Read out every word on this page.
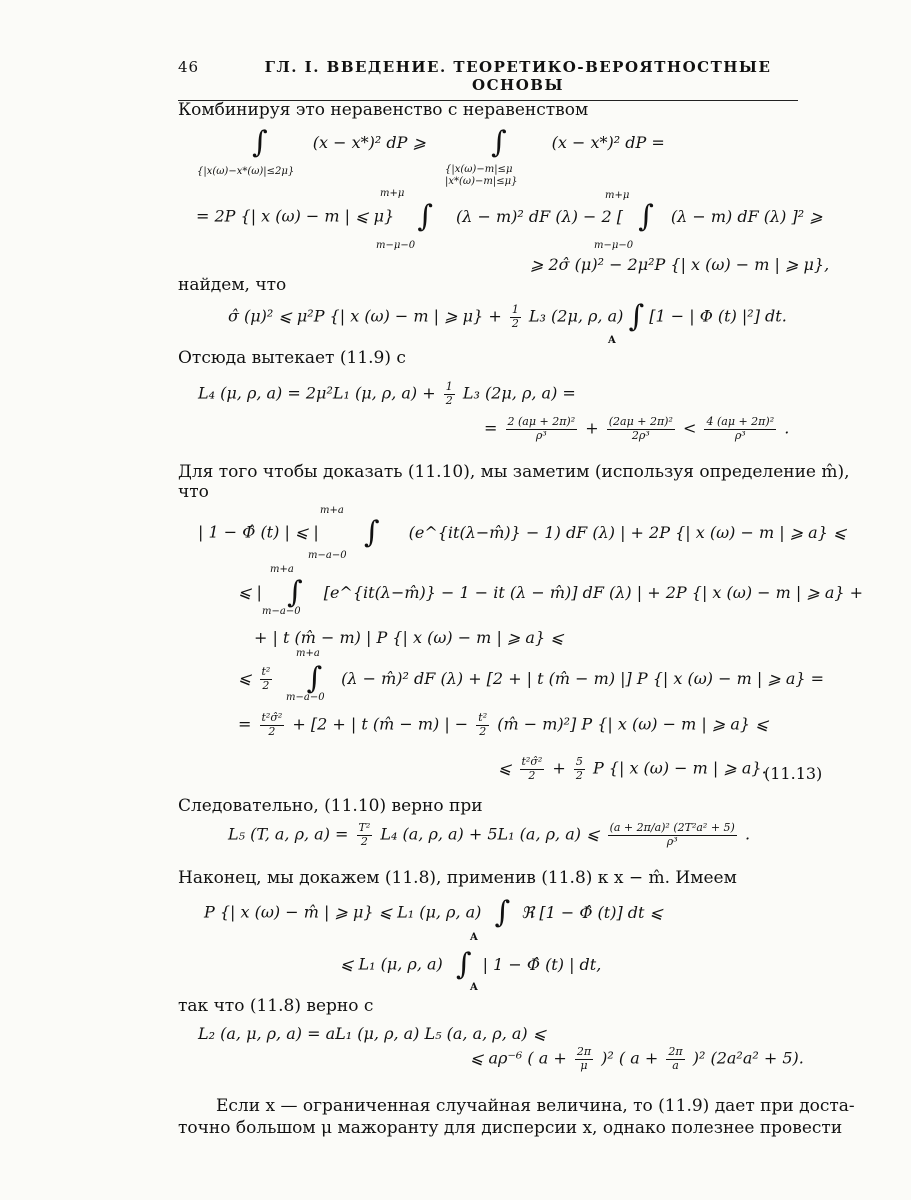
46	ГЛ. I. ВВЕДЕНИЕ. ТЕОРЕТИКО-ВЕРОЯТНОСТНЫЕ ОСНОВЫ
Комбинируя это неравенство с неравенством
∫	(x − x*)² dP ⩾ ∫	(x − x*)² dP =
{|x(ω)−x*(ω)|≤2μ}	{|x(ω)−m|≤μ
|x*(ω)−m|≤μ}
m+μ	m+μ
= 2P {| x (ω) − m | ⩽ μ} ∫ (λ − m)² dF (λ) − 2 [ ∫ (λ − m) dF (λ) ]² ⩾
m−μ−0	m−μ−0
⩾ 2σ̂ (μ)² − 2μ²P {| x (ω) − m | ⩾ μ},
найдем, что
σ̂ (μ)² ⩽ μ²P {| x (ω) − m | ⩾ $\mu\} + \frac{1}{2} L_3$ (2μ, ρ, a) ∫ [1 − | Φ (t) |²] dt.
A
Отсюда вытекает (11.9) с
L₄ (μ, ρ, a) = 2μ²L₁ (μ, ρ, $a) + \frac{1}{2} L_3$ (2μ, ρ, a) =
= $\frac{\text{2 (aμ + 2π)²}}{\text{ρ³}} + \frac{\text{(2aμ + 2π)²}}{\text{2ρ³}} < \frac{\text{4 (aμ + 2π)²}}{\text{ρ³}}$ .
Для того чтобы доказать (11.10), мы заметим (используя определение m̂),
что
m+a
| 1 − Φ̂ (t) | ⩽ | ∫ (e^{it(λ−m̂)} − 1) dF (λ) | + 2P {| x (ω) − m | ⩾ a} ⩽
m−a−0
m+a
⩽ | ∫ [e^{it(λ−m̂)} − 1 − it (λ − m̂)] dF (λ) | + 2P {| x (ω) − m | ⩾ a} +
m−a−0
+ | t (m̂ − m) | P {| x (ω) − m | ⩾ a} ⩽
m+a
⩽ $\frac{\text{t²}}{2}$ ∫ (λ − m̂)² dF (λ) + [2 + | t (m̂ − m) |] P {| x (ω) − m | ⩾ a} =
m−a−0
= $\frac{\text{t²σ̂²}}{2} + [2$ + | t (m̂ − m) | − $\frac{\text{t²}}{2}$ (m̂ − m)²] P {| x (ω) − m | ⩾ a} ⩽
⩽ $\frac{\text{t²σ̂²}}{2} + \frac{5}{2}$ P {| x (ω) − m | ⩾ a}.
(11.13)
Следовательно, (11.10) верно при
L₅ (T, a, ρ, $a) = \frac{\text{T²}}{2} L_4$ (a, ρ, a) + 5L₁ (a, ρ, a) ⩽ $\frac{\text{(a + 2π/a)² (2T²a² + 5)}}{\text{ρ³}}$ .
Наконец, мы докажем (11.8), применив (11.8) к x − m̂. Имеем
P {| x (ω) − m̂ | ⩾ μ} ⩽ L₁ (μ, ρ, a) ∫ ℜ [1 − Φ̂ (t)] dt ⩽
A
⩽ L₁ (μ, ρ, a) ∫ | 1 − Φ̂ (t) | dt,
A
так что (11.8) верно с
L₂ (a, μ, ρ, a) = aL₁ (μ, ρ, a) L₅ (a, a, ρ, a) ⩽
⩽ aρ⁻⁶ ( $a + \frac{2\pi}{\mu} )^2$ ( $a + \frac{2\pi}{a} )^2$ (2a²a² + 5).
Если x — ограниченная случайная величина, то (11.9) дает при доста-
точно большом μ мажоранту для дисперсии x, однако полезнее провести
